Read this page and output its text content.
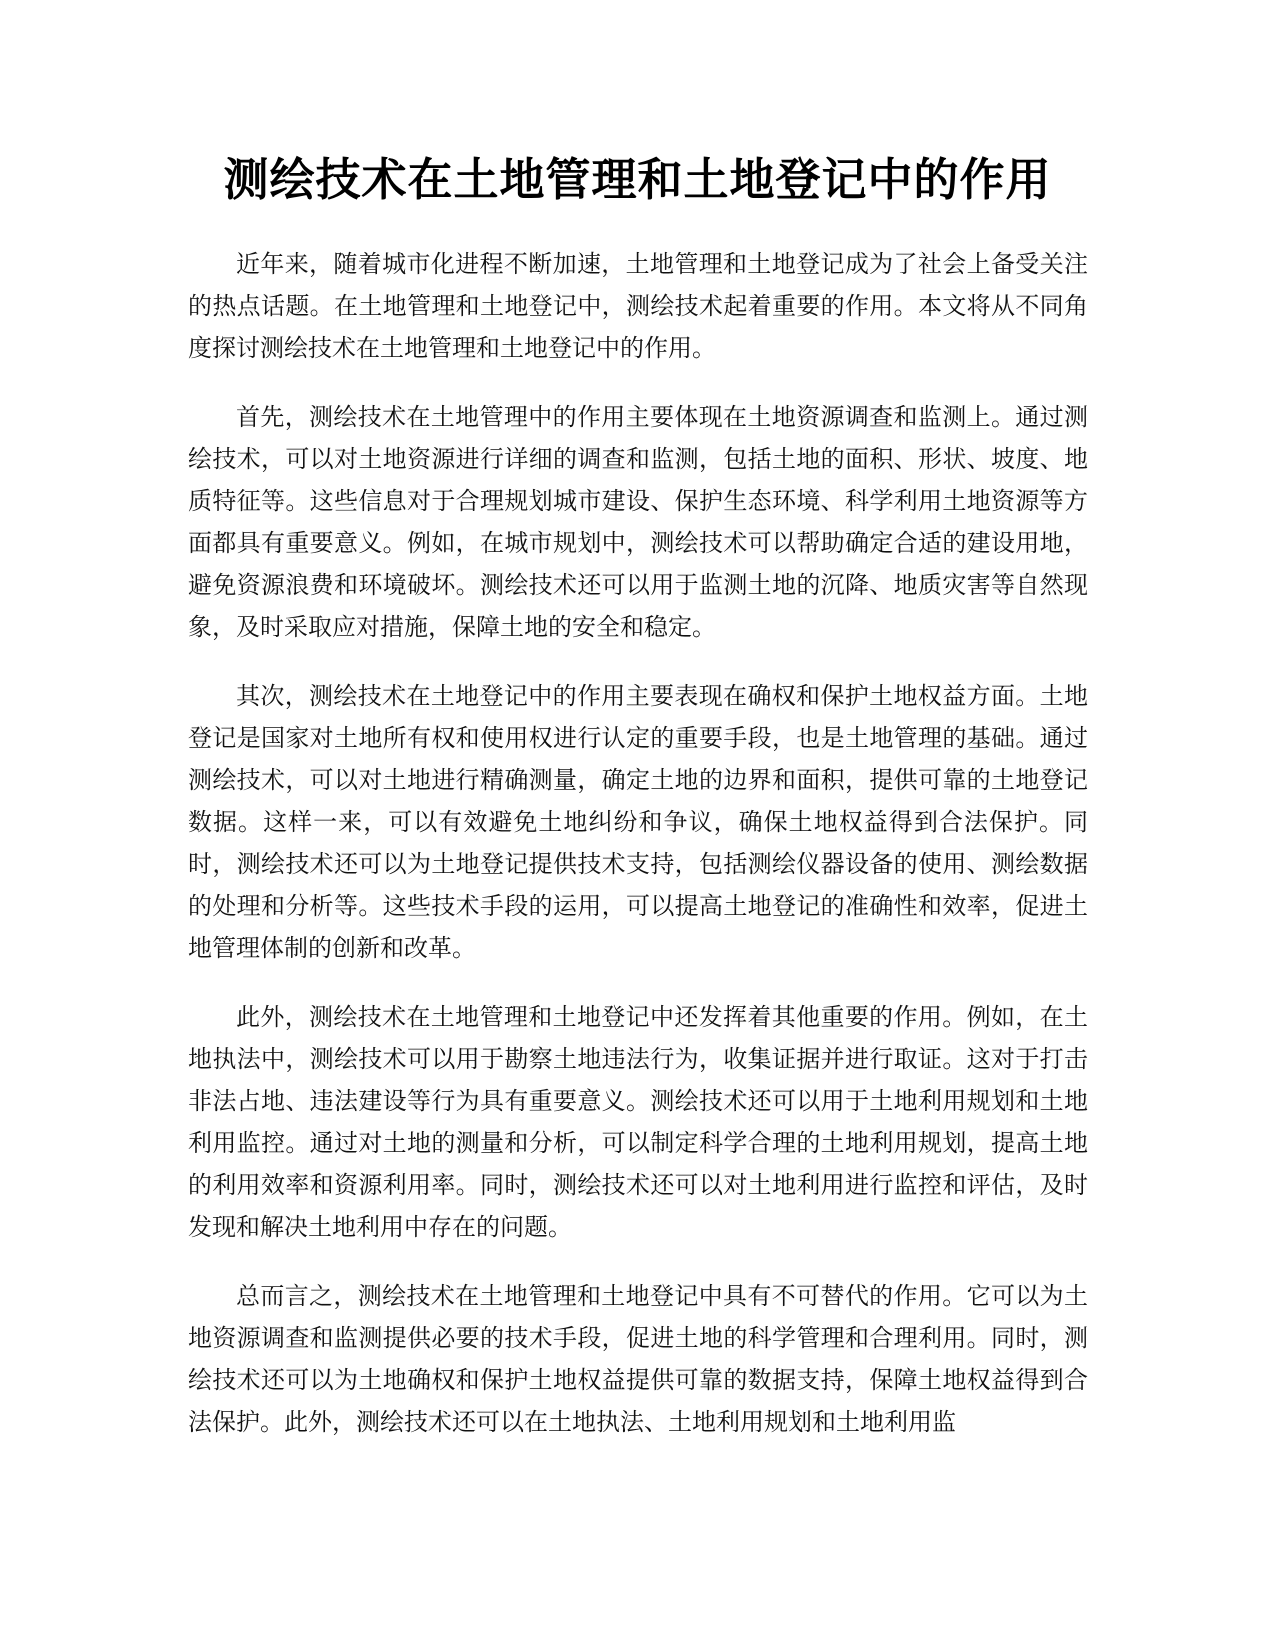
测绘技术在土地管理和土地登记中的作用

近年来，随着城市化进程不断加速，土地管理和土地登记成为了社会上备受关注的热点话题。在土地管理和土地登记中，测绘技术起着重要的作用。本文将从不同角度探讨测绘技术在土地管理和土地登记中的作用。

首先，测绘技术在土地管理中的作用主要体现在土地资源调查和监测上。通过测绘技术，可以对土地资源进行详细的调查和监测，包括土地的面积、形状、坡度、地质特征等。这些信息对于合理规划城市建设、保护生态环境、科学利用土地资源等方面都具有重要意义。例如，在城市规划中，测绘技术可以帮助确定合适的建设用地，避免资源浪费和环境破坏。测绘技术还可以用于监测土地的沉降、地质灾害等自然现象，及时采取应对措施，保障土地的安全和稳定。

其次，测绘技术在土地登记中的作用主要表现在确权和保护土地权益方面。土地登记是国家对土地所有权和使用权进行认定的重要手段，也是土地管理的基础。通过测绘技术，可以对土地进行精确测量，确定土地的边界和面积，提供可靠的土地登记数据。这样一来，可以有效避免土地纠纷和争议，确保土地权益得到合法保护。同时，测绘技术还可以为土地登记提供技术支持，包括测绘仪器设备的使用、测绘数据的处理和分析等。这些技术手段的运用，可以提高土地登记的准确性和效率，促进土地管理体制的创新和改革。

此外，测绘技术在土地管理和土地登记中还发挥着其他重要的作用。例如，在土地执法中，测绘技术可以用于勘察土地违法行为，收集证据并进行取证。这对于打击非法占地、违法建设等行为具有重要意义。测绘技术还可以用于土地利用规划和土地利用监控。通过对土地的测量和分析，可以制定科学合理的土地利用规划，提高土地的利用效率和资源利用率。同时，测绘技术还可以对土地利用进行监控和评估，及时发现和解决土地利用中存在的问题。

总而言之，测绘技术在土地管理和土地登记中具有不可替代的作用。它可以为土地资源调查和监测提供必要的技术手段，促进土地的科学管理和合理利用。同时，测绘技术还可以为土地确权和保护土地权益提供可靠的数据支持，保障土地权益得到合法保护。此外，测绘技术还可以在土地执法、土地利用规划和土地利用监
